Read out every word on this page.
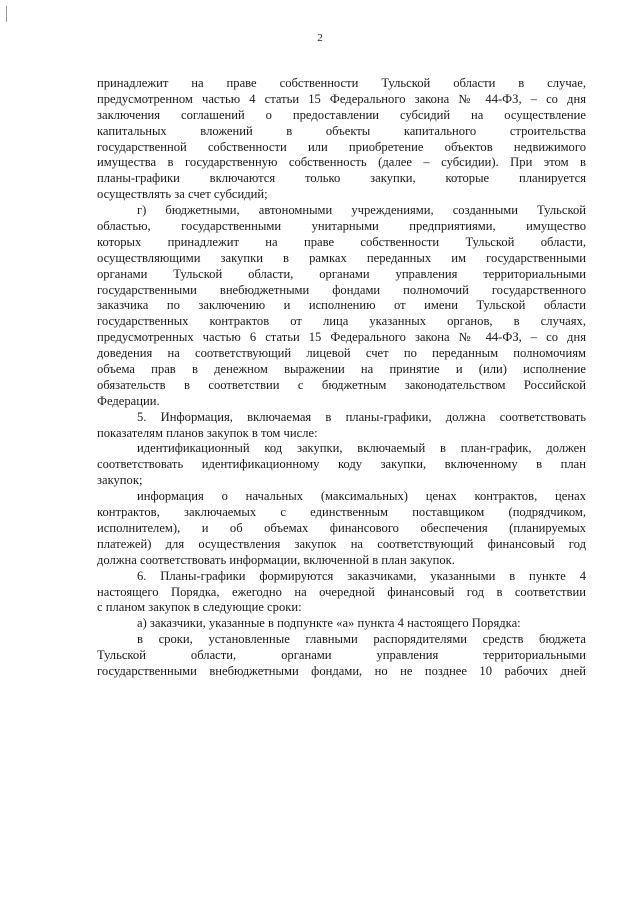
2
принадлежит на праве собственности Тульской области в случае,
предусмотренном частью 4 статьи 15 Федерального закона № 44-ФЗ, – со дня
заключения соглашений о предоставлении субсидий на осуществление
капитальных вложений в объекты капитального строительства
государственной собственности или приобретение объектов недвижимого
имущества в государственную собственность (далее – субсидии). При этом в
планы-графики включаются только закупки, которые планируется
осуществлять за счет субсидий;
г) бюджетными, автономными учреждениями, созданными Тульской
областью, государственными унитарными предприятиями, имущество
которых принадлежит на праве собственности Тульской области,
осуществляющими закупки в рамках переданных им государственными
органами Тульской области, органами управления территориальными
государственными внебюджетными фондами полномочий государственного
заказчика по заключению и исполнению от имени Тульской области
государственных контрактов от лица указанных органов, в случаях,
предусмотренных частью 6 статьи 15 Федерального закона № 44-ФЗ, – со дня
доведения на соответствующий лицевой счет по переданным полномочиям
объема прав в денежном выражении на принятие и (или) исполнение
обязательств в соответствии с бюджетным законодательством Российской
Федерации.
5. Информация, включаемая в планы-графики, должна соответствовать
показателям планов закупок в том числе:
идентификационный код закупки, включаемый в план-график, должен
соответствовать идентификационному коду закупки, включенному в план
закупок;
информация о начальных (максимальных) ценах контрактов, ценах
контрактов, заключаемых с единственным поставщиком (подрядчиком,
исполнителем), и об объемах финансового обеспечения (планируемых
платежей) для осуществления закупок на соответствующий финансовый год
должна соответствовать информации, включенной в план закупок.
6. Планы-графики формируются заказчиками, указанными в пункте 4
настоящего Порядка, ежегодно на очередной финансовый год в соответствии
с планом закупок в следующие сроки:
а) заказчики, указанные в подпункте «а» пункта 4 настоящего Порядка:
в сроки, установленные главными распорядителями средств бюджета
Тульской области, органами управления территориальными
государственными внебюджетными фондами, но не позднее 10 рабочих дней
